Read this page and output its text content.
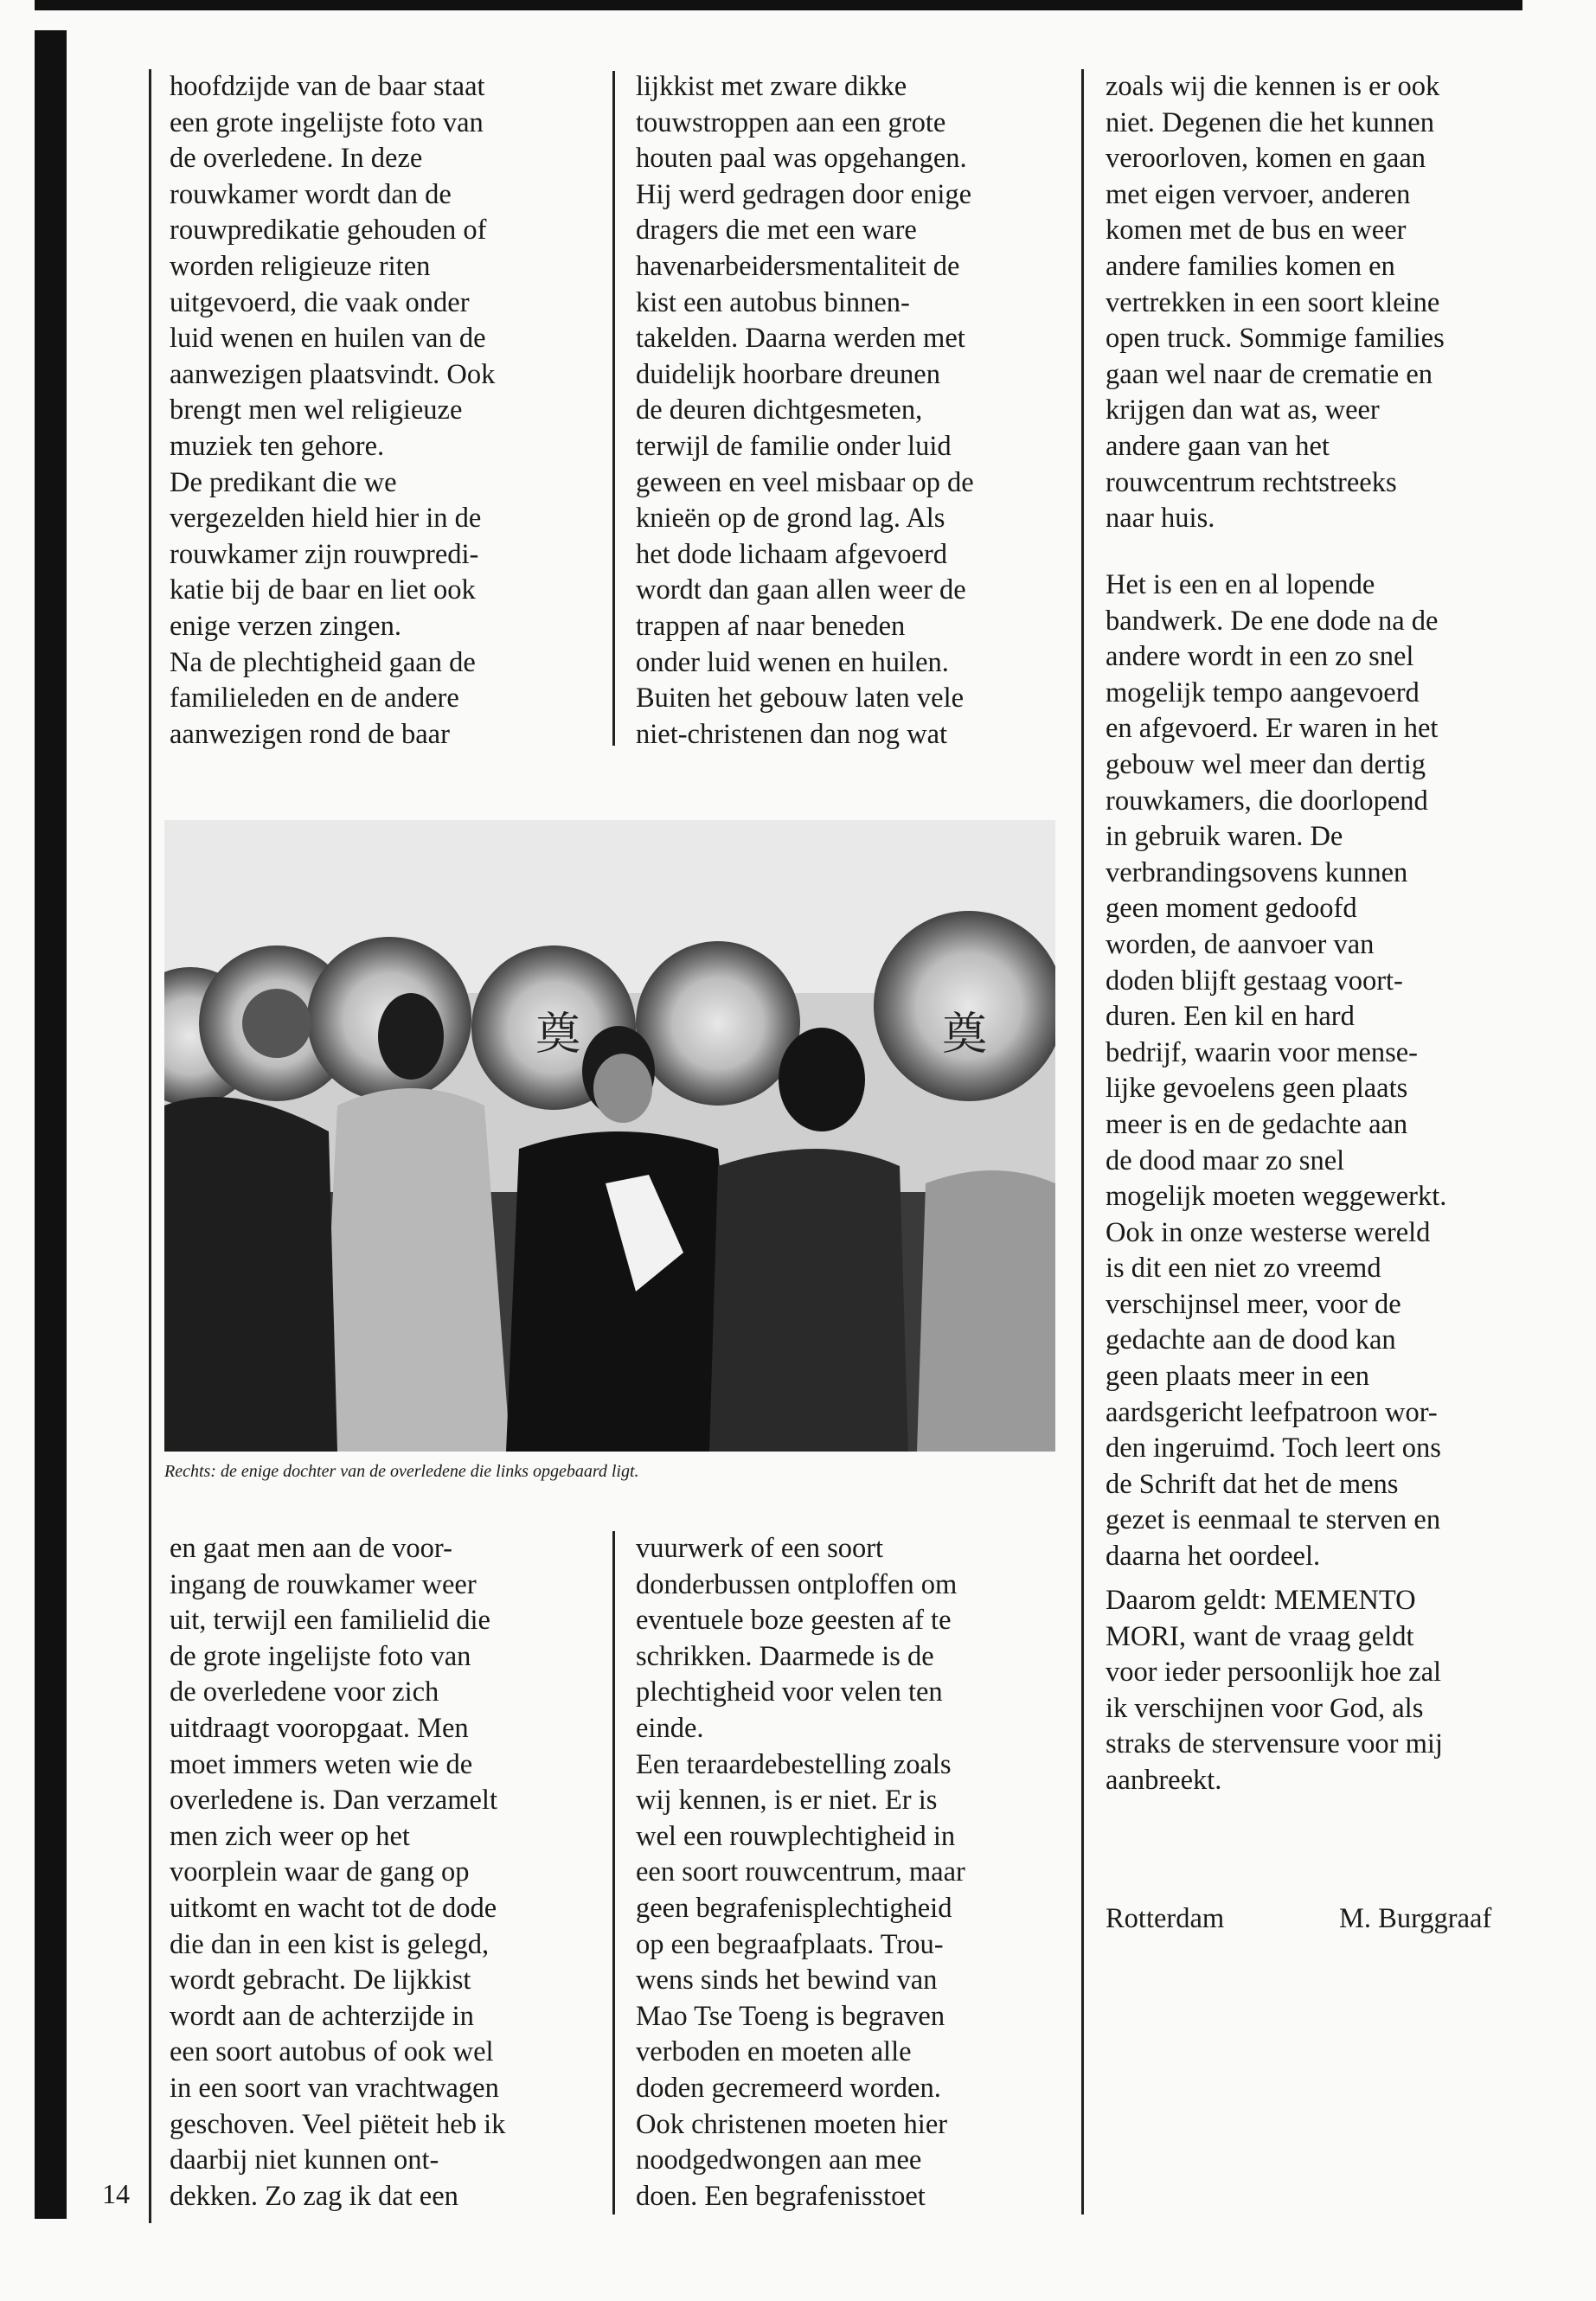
hoofdzijde van de baar staat
een grote ingelijste foto van
de overledene. In deze
rouwkamer wordt dan de
rouwpredikatie gehouden of
worden religieuze riten
uitgevoerd, die vaak onder
luid wenen en huilen van de
aanwezigen plaatsvindt. Ook
brengt men wel religieuze
muziek ten gehore.
De predikant die we
vergezelden hield hier in de
rouwkamer zijn rouwpredi-
katie bij de baar en liet ook
enige verzen zingen.
Na de plechtigheid gaan de
familieleden en de andere
aanwezigen rond de baar
lijkkist met zware dikke
touwstroppen aan een grote
houten paal was opgehangen.
Hij werd gedragen door enige
dragers die met een ware
havenarbeidersmentaliteit de
kist een autobus binnen-
takelden. Daarna werden met
duidelijk hoorbare dreunen
de deuren dichtgesmeten,
terwijl de familie onder luid
geween en veel misbaar op de
knieën op de grond lag. Als
het dode lichaam afgevoerd
wordt dan gaan allen weer de
trappen af naar beneden
onder luid wenen en huilen.
Buiten het gebouw laten vele
niet-christenen dan nog wat
zoals wij die kennen is er ook
niet. Degenen die het kunnen
veroorloven, komen en gaan
met eigen vervoer, anderen
komen met de bus en weer
andere families komen en
vertrekken in een soort kleine
open truck. Sommige families
gaan wel naar de crematie en
krijgen dan wat as, weer
andere gaan van het
rouwcentrum rechtstreeks
naar huis.
Het is een en al lopende
bandwerk. De ene dode na de
andere wordt in een zo snel
mogelijk tempo aangevoerd
en afgevoerd. Er waren in het
gebouw wel meer dan dertig
rouwkamers, die doorlopend
in gebruik waren. De
verbrandingsovens kunnen
geen moment gedoofd
worden, de aanvoer van
doden blijft gestaag voort-
duren. Een kil en hard
bedrijf, waarin voor mense-
lijke gevoelens geen plaats
meer is en de gedachte aan
de dood maar zo snel
mogelijk moeten weggewerkt.
Ook in onze westerse wereld
is dit een niet zo vreemd
verschijnsel meer, voor de
gedachte aan de dood kan
geen plaats meer in een
aardsgericht leefpatroon wor-
den ingeruimd. Toch leert ons
de Schrift dat het de mens
gezet is eenmaal te sterven en
daarna het oordeel.
Daarom geldt: MEMENTO
MORI, want de vraag geldt
voor ieder persoonlijk hoe zal
ik verschijnen voor God, als
straks de stervensure voor mij
aanbreekt.
奠	奠
Rechts: de enige dochter van de overledene die links opgebaard ligt.
en gaat men aan de voor-
ingang de rouwkamer weer
uit, terwijl een familielid die
de grote ingelijste foto van
de overledene voor zich
uitdraagt vooropgaat. Men
moet immers weten wie de
overledene is. Dan verzamelt
men zich weer op het
voorplein waar de gang op
uitkomt en wacht tot de dode
die dan in een kist is gelegd,
wordt gebracht. De lijkkist
wordt aan de achterzijde in
een soort autobus of ook wel
in een soort van vrachtwagen
geschoven. Veel piëteit heb ik
daarbij niet kunnen ont-
dekken. Zo zag ik dat een
vuurwerk of een soort
donderbussen ontploffen om
eventuele boze geesten af te
schrikken. Daarmede is de
plechtigheid voor velen ten
einde.
Een teraardebestelling zoals
wij kennen, is er niet. Er is
wel een rouwplechtigheid in
een soort rouwcentrum, maar
geen begrafenisplechtigheid
op een begraafplaats. Trou-
wens sinds het bewind van
Mao Tse Toeng is begraven
verboden en moeten alle
doden gecremeerd worden.
Ook christenen moeten hier
noodgedwongen aan mee
doen. Een begrafenisstoet
Rotterdam	M. Burggraaf
14
